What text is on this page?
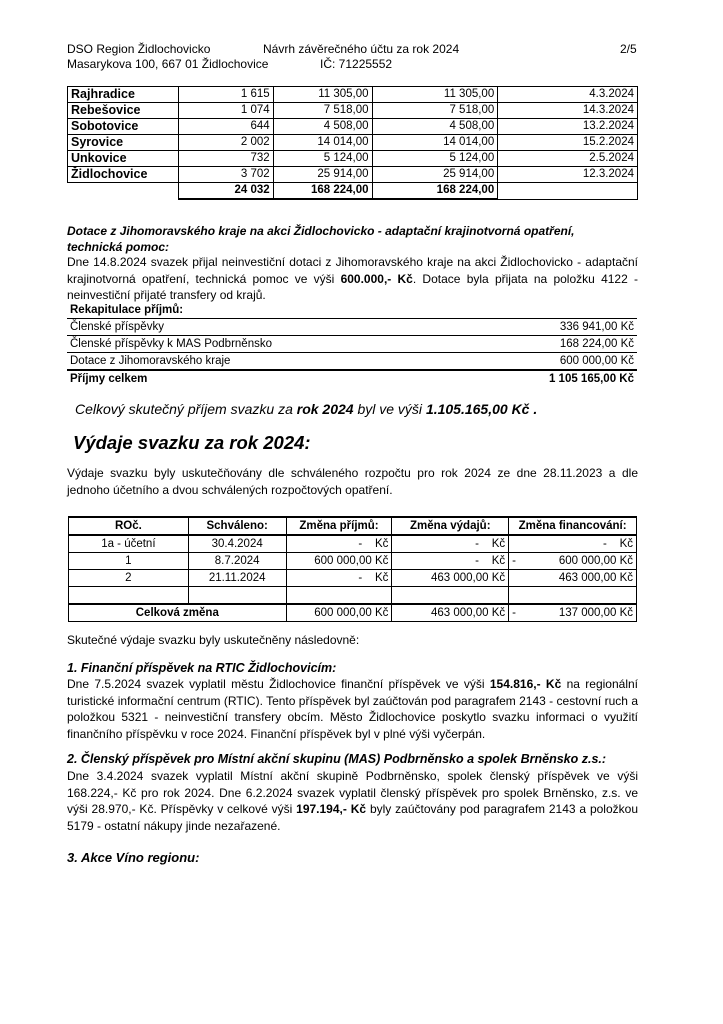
DSO Region Židlochovicko	Návrh závěrečného účtu za rok 2024	2/5
Masarykova 100, 667 01 Židlochovice	IČ: 71225552
Rajhradice	1 615	11 305,00	11 305,00	4.3.2024
Rebešovice	1 074	7 518,00	7 518,00	14.3.2024
Sobotovice	644	4 508,00	4 508,00	13.2.2024
Syrovice	2 002	14 014,00	14 014,00	15.2.2024
Unkovice	732	5 124,00	5 124,00	2.5.2024
Židlochovice	3 702	25 914,00	25 914,00	12.3.2024
	24 032	168 224,00	168 224,00	
Dotace z Jihomoravského kraje na akci Židlochovicko - adaptační krajinotvorná opatření,
technická pomoc:
Dne 14.8.2024 svazek přijal neinvestiční dotaci z Jihomoravského kraje na akci Židlochovicko - adaptační krajinotvorná opatření, technická pomoc ve výši 600.000,- Kč. Dotace byla přijata na položku 4122 - neinvestiční přijaté transfery od krajů.
Rekapitulace příjmů:
Členské příspěvky	336 941,00 Kč
Členské příspěvky k MAS Podbrněnsko	168 224,00 Kč
Dotace z Jihomoravského kraje	600 000,00 Kč
Příjmy celkem	1 105 165,00 Kč
Celkový skutečný příjem svazku za rok 2024 byl ve výši 1.105.165,00 Kč .
Výdaje svazku za rok 2024:
Výdaje svazku byly uskutečňovány dle schváleného rozpočtu pro rok 2024 ze dne 28.11.2023 a dle jednoho účetního a dvou schválených rozpočtových opatření.
ROč.	Schváleno:	Změna příjmů:	Změna výdajů:	Změna financování:
1a - účetní	30.4.2024	- Kč	- Kč	- Kč

1	8.7.2024	600 000,00 Kč	- Kč	- 600 000,00 Kč

2	21.11.2024	- Kč	463 000,00 Kč	463 000,00 Kč

Celková změna		600 000,00 Kč	463 000,00 Kč	- 137 000,00 Kč
Skutečné výdaje svazku byly uskutečněny následovně:
1. Finanční příspěvek na RTIC Židlochovicím:
Dne 7.5.2024 svazek vyplatil městu Židlochovice finanční příspěvek ve výši 154.816,- Kč na regionální turistické informační centrum (RTIC). Tento příspěvek byl zaúčtován pod paragrafem 2143 - cestovní ruch a položkou 5321 - neinvestiční transfery obcím. Město Židlochovice poskytlo svazku informaci o využití finančního příspěvku v roce 2024. Finanční příspěvek byl v plné výši vyčerpán.
2. Členský příspěvek pro Místní akční skupinu (MAS) Podbrněnsko a spolek Brněnsko z.s.:
Dne 3.4.2024 svazek vyplatil Místní akční skupině Podbrněnsko, spolek členský příspěvek ve výši 168.224,- Kč pro rok 2024. Dne 6.2.2024 svazek vyplatil členský příspěvek pro spolek Brněnsko, z.s. ve výši 28.970,- Kč. Příspěvky v celkové výši 197.194,- Kč byly zaúčtovány pod paragrafem 2143 a položkou 5179 - ostatní nákupy jinde nezařazené.
3. Akce Víno regionu:
